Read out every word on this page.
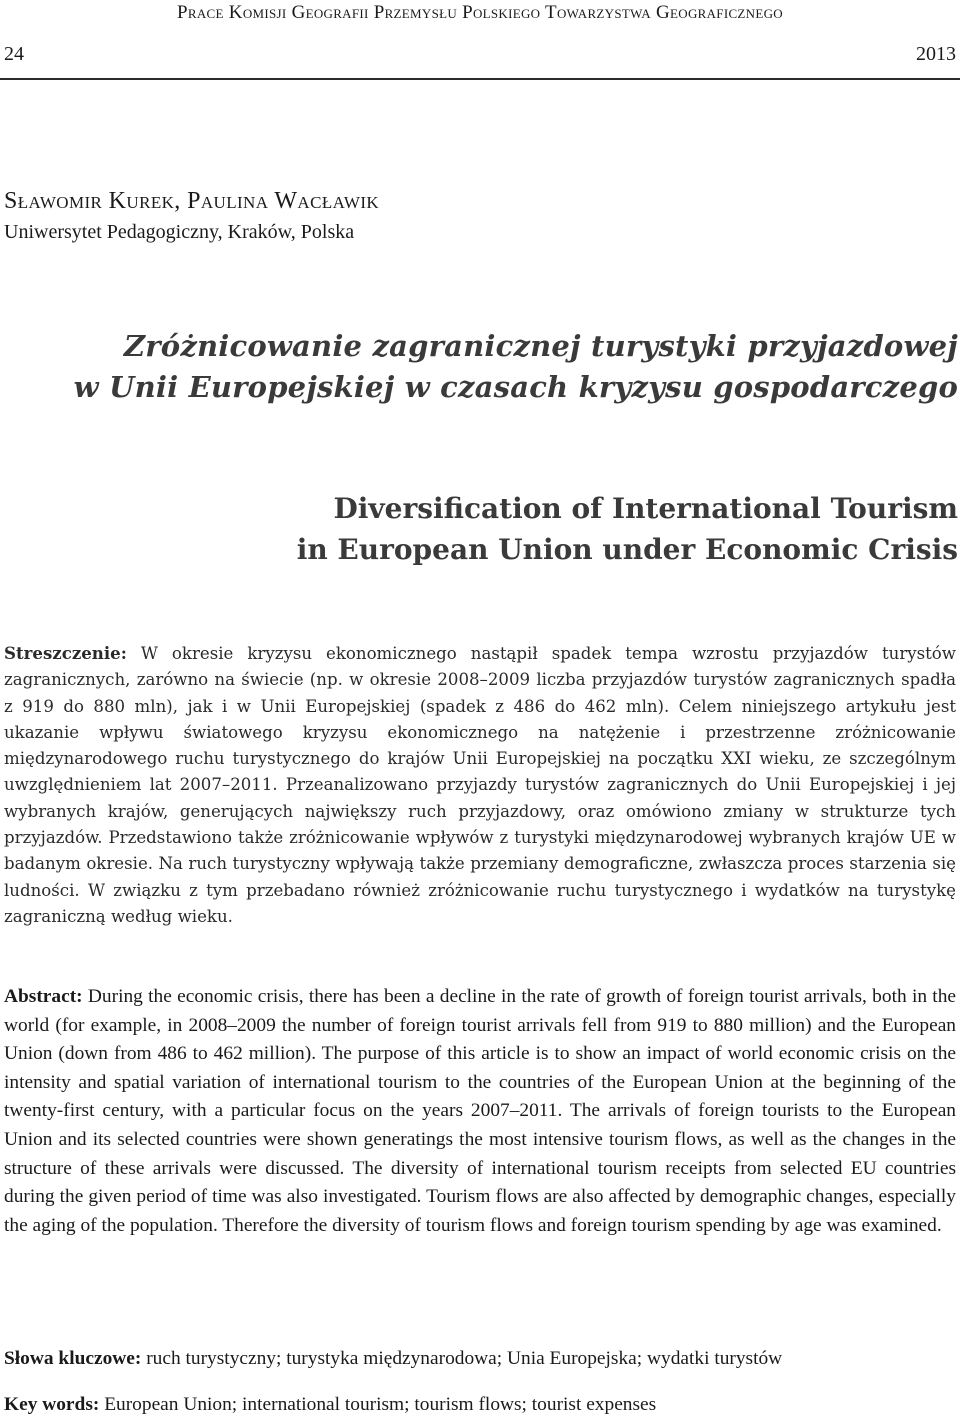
Prace Komisji Geografii Przemysłu Polskiego Towarzystwa Geograficznego
24	2013
Sławomir Kurek, Paulina Wacławik
Uniwersytet Pedagogiczny, Kraków, Polska
Zróżnicowanie zagranicznej turystyki przyjazdowej
w Unii Europejskiej w czasach kryzysu gospodarczego
Diversification of International Tourism
in European Union under Economic Crisis
Streszczenie: W okresie kryzysu ekonomicznego nastąpił spadek tempa wzrostu przyjazdów turystów zagranicznych, zarówno na świecie (np. w okresie 2008–2009 liczba przyjazdów turystów zagranicznych spadła z 919 do 880 mln), jak i w Unii Europejskiej (spadek z 486 do 462 mln). Celem niniejszego artykułu jest ukazanie wpływu światowego kryzysu ekonomicznego na natężenie i przestrzenne zróżnicowanie międzynarodowego ruchu turystycznego do krajów Unii Europejskiej na początku XXI wieku, ze szczególnym uwzględnieniem lat 2007–2011. Przeanalizowano przyjazdy turystów zagranicznych do Unii Europejskiej i jej wybranych krajów, generujących największy ruch przyjazdowy, oraz omówiono zmiany w strukturze tych przyjazdów. Przedstawiono także zróżnicowanie wpływów z turystyki międzynarodowej wybranych krajów UE w badanym okresie. Na ruch turystyczny wpływają także przemiany demograficzne, zwłaszcza proces starzenia się ludności. W związku z tym przebadano również zróżnicowanie ruchu turystycznego i wydatków na turystykę zagraniczną według wieku.
Abstract: During the economic crisis, there has been a decline in the rate of growth of foreign tourist arrivals, both in the world (for example, in 2008–2009 the number of foreign tourist arrivals fell from 919 to 880 million) and the European Union (down from 486 to 462 million). The purpose of this article is to show an impact of world economic crisis on the intensity and spatial variation of international tourism to the countries of the European Union at the beginning of the twenty-first century, with a particular focus on the years 2007–2011. The arrivals of foreign tourists to the European Union and its selected countries were shown generatings the most intensive tourism flows, as well as the changes in the structure of these arrivals were discussed. The diversity of international tourism receipts from selected EU countries during the given period of time was also investigated. Tourism flows are also affected by demographic changes, especially the aging of the population. Therefore the diversity of tourism flows and foreign tourism spending by age was examined.
Słowa kluczowe: ruch turystyczny; turystyka międzynarodowa; Unia Europejska; wydatki turystów
Key words: European Union; international tourism; tourism flows; tourist expenses
